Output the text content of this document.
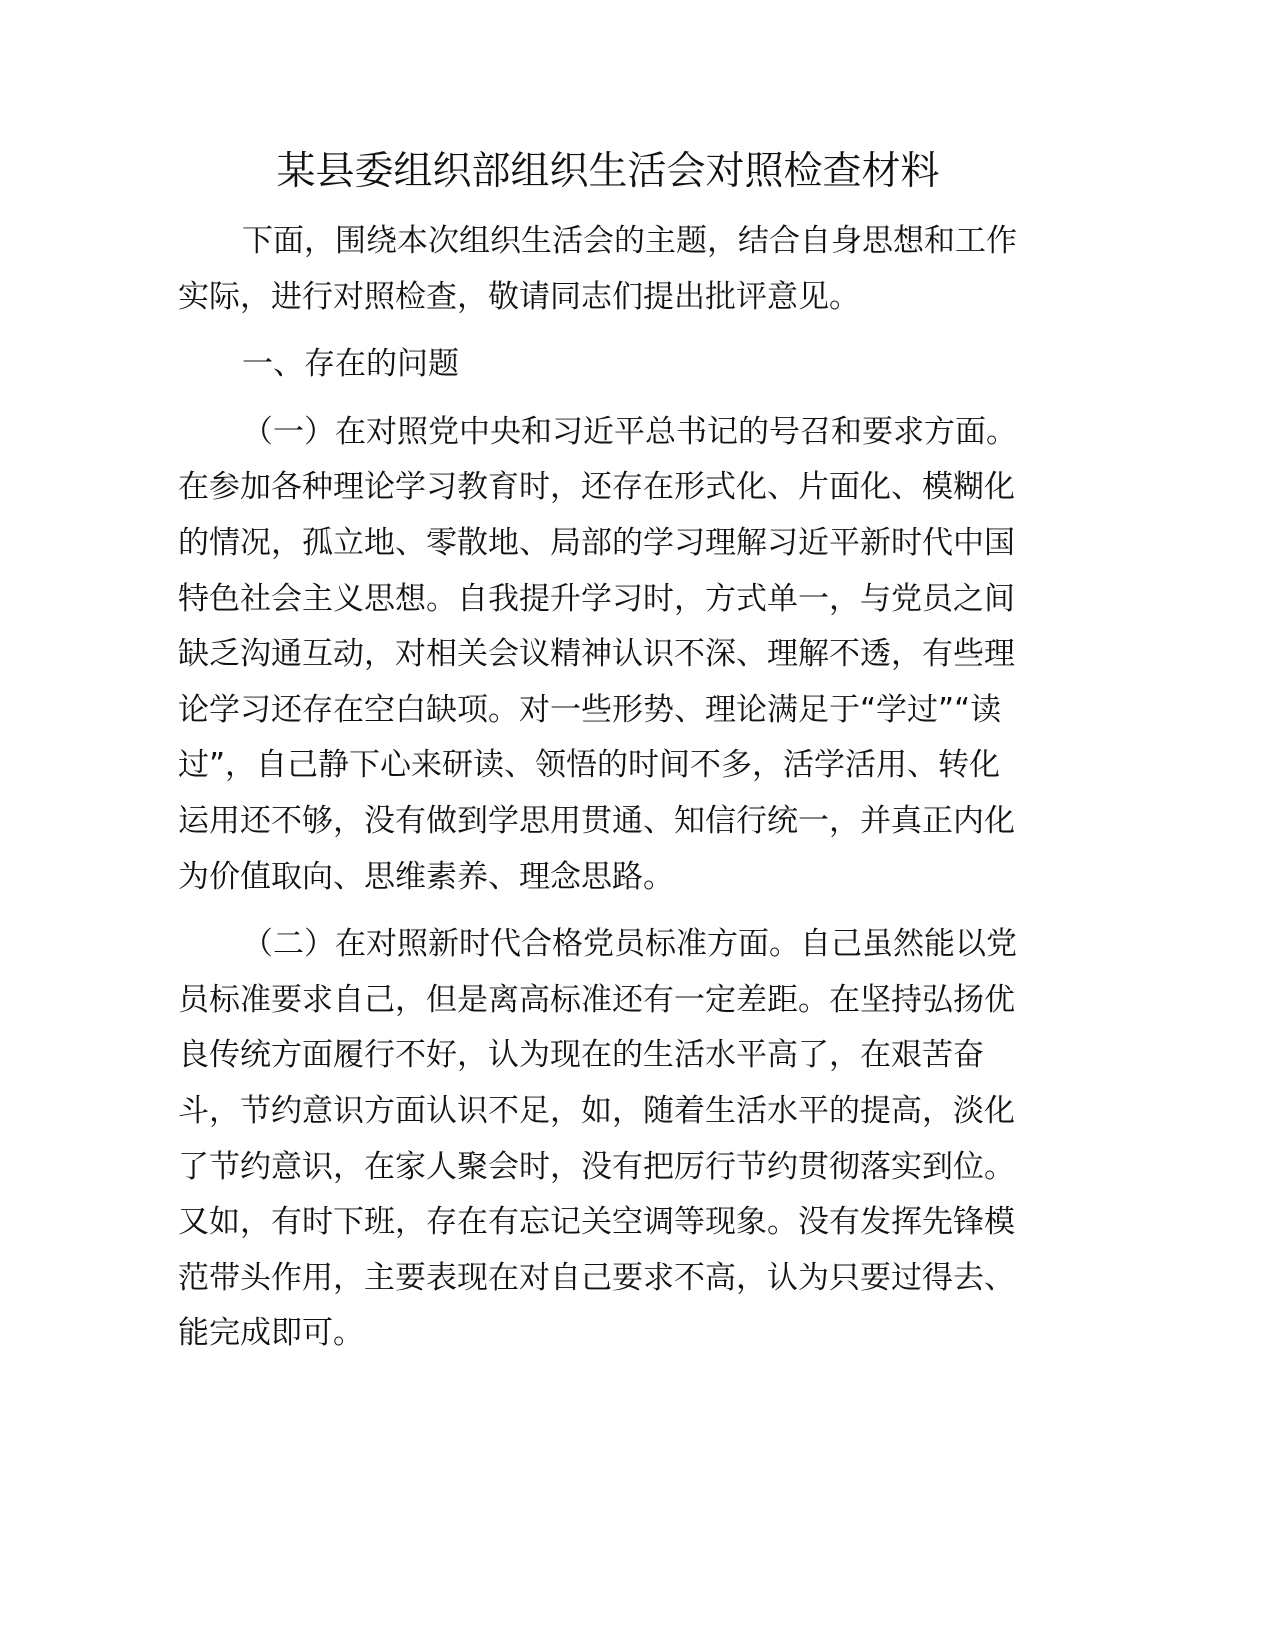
某县委组织部组织生活会对照检查材料
下面，围绕本次组织生活会的主题，结合自身思想和工作
实际，进行对照检查，敬请同志们提出批评意见。
一、存在的问题
（一）在对照党中央和习近平总书记的号召和要求方面。
在参加各种理论学习教育时，还存在形式化、片面化、模糊化
的情况，孤立地、零散地、局部的学习理解习近平新时代中国
特色社会主义思想。自我提升学习时，方式单一，与党员之间
缺乏沟通互动，对相关会议精神认识不深、理解不透，有些理
论学习还存在空白缺项。对一些形势、理论满足于“学过”“读
过”，自己静下心来研读、领悟的时间不多，活学活用、转化
运用还不够，没有做到学思用贯通、知信行统一，并真正内化
为价值取向、思维素养、理念思路。
（二）在对照新时代合格党员标准方面。自己虽然能以党
员标准要求自己，但是离高标准还有一定差距。在坚持弘扬优
良传统方面履行不好，认为现在的生活水平高了，在艰苦奋
斗，节约意识方面认识不足，如，随着生活水平的提高，淡化
了节约意识，在家人聚会时，没有把厉行节约贯彻落实到位。
又如，有时下班，存在有忘记关空调等现象。没有发挥先锋模
范带头作用，主要表现在对自己要求不高，认为只要过得去、
能完成即可。
